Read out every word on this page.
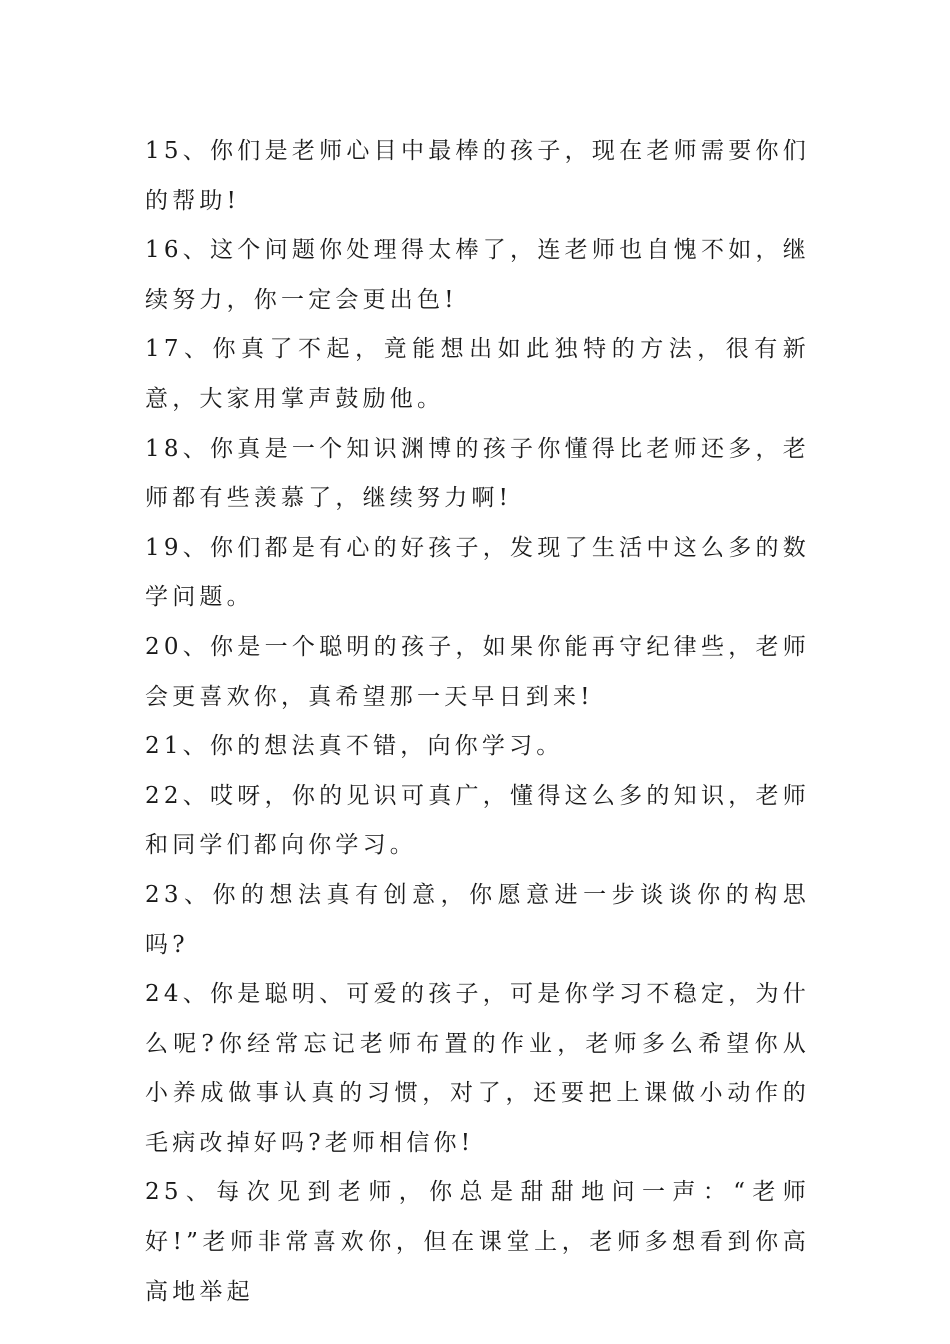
15、你们是老师心目中最棒的孩子，现在老师需要你们的帮助!

16、这个问题你处理得太棒了，连老师也自愧不如，继续努力，你一定会更出色!

17、你真了不起，竟能想出如此独特的方法，很有新意，大家用掌声鼓励他。

18、你真是一个知识渊博的孩子你懂得比老师还多，老师都有些羡慕了，继续努力啊!

19、你们都是有心的好孩子，发现了生活中这么多的数学问题。

20、你是一个聪明的孩子，如果你能再守纪律些，老师会更喜欢你，真希望那一天早日到来!

21、你的想法真不错，向你学习。

22、哎呀，你的见识可真广，懂得这么多的知识，老师和同学们都向你学习。

23、你的想法真有创意，你愿意进一步谈谈你的构思吗?

24、你是聪明、可爱的孩子，可是你学习不稳定，为什么呢?你经常忘记老师布置的作业，老师多么希望你从小养成做事认真的习惯，对了，还要把上课做小动作的毛病改掉好吗?老师相信你!

25、每次见到老师，你总是甜甜地问一声：“老师好!”老师非常喜欢你，但在课堂上，老师多想看到你高高地举起
